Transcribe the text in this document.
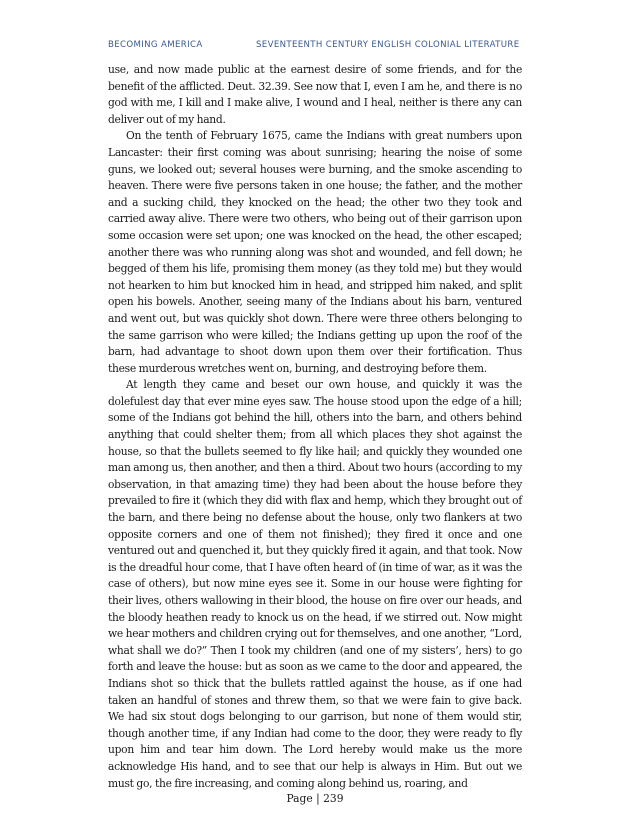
BECOMING AMERICA	SEVENTEENTH CENTURY ENGLISH COLONIAL LITERATURE

use, and now made public at the earnest desire of some friends, and for the benefit of the afflicted. Deut. 32.39. See now that I, even I am he, and there is no god with me, I kill and I make alive, I wound and I heal, neither is there any can deliver out of my hand.

On the tenth of February 1675, came the Indians with great numbers upon Lancaster: their first coming was about sunrising; hearing the noise of some guns, we looked out; several houses were burning, and the smoke ascending to heaven. There were five persons taken in one house; the father, and the mother and a sucking child, they knocked on the head; the other two they took and carried away alive. There were two others, who being out of their garrison upon some occasion were set upon; one was knocked on the head, the other escaped; another there was who running along was shot and wounded, and fell down; he begged of them his life, promising them money (as they told me) but they would not hearken to him but knocked him in head, and stripped him naked, and split open his bowels. Another, seeing many of the Indians about his barn, ventured and went out, but was quickly shot down. There were three others belonging to the same garrison who were killed; the Indians getting up upon the roof of the barn, had advantage to shoot down upon them over their fortification. Thus these murderous wretches went on, burning, and destroying before them.

At length they came and beset our own house, and quickly it was the dolefulest day that ever mine eyes saw. The house stood upon the edge of a hill; some of the Indians got behind the hill, others into the barn, and others behind anything that could shelter them; from all which places they shot against the house, so that the bullets seemed to fly like hail; and quickly they wounded one man among us, then another, and then a third. About two hours (according to my observation, in that amazing time) they had been about the house before they prevailed to fire it (which they did with flax and hemp, which they brought out of the barn, and there being no defense about the house, only two flankers at two opposite corners and one of them not finished); they fired it once and one ventured out and quenched it, but they quickly fired it again, and that took. Now is the dreadful hour come, that I have often heard of (in time of war, as it was the case of others), but now mine eyes see it. Some in our house were fighting for their lives, others wallowing in their blood, the house on fire over our heads, and the bloody heathen ready to knock us on the head, if we stirred out. Now might we hear mothers and children crying out for themselves, and one another, “Lord, what shall we do?” Then I took my children (and one of my sisters’, hers) to go forth and leave the house: but as soon as we came to the door and appeared, the Indians shot so thick that the bullets rattled against the house, as if one had taken an handful of stones and threw them, so that we were fain to give back. We had six stout dogs belonging to our garrison, but none of them would stir, though another time, if any Indian had come to the door, they were ready to fly upon him and tear him down. The Lord hereby would make us the more acknowledge His hand, and to see that our help is always in Him. But out we must go, the fire increasing, and coming along behind us, roaring, and

Page | 239
